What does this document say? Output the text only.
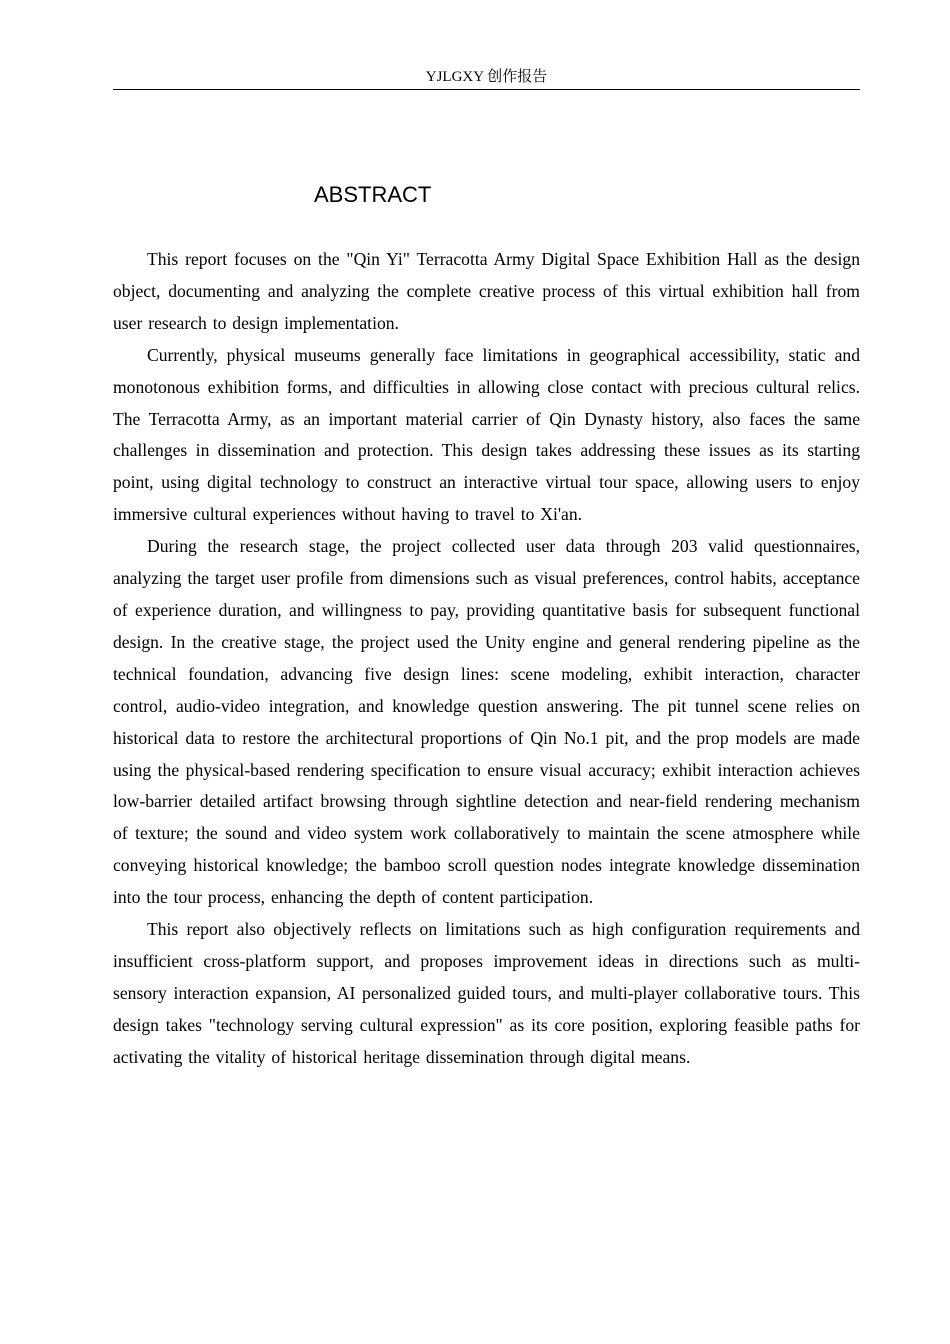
YJLGXY 创作报告
ABSTRACT

This report focuses on the "Qin Yi" Terracotta Army Digital Space Exhibition Hall as the design object, documenting and analyzing the complete creative process of this virtual exhibition hall from user research to design implementation.

Currently, physical museums generally face limitations in geographical accessibility, static and monotonous exhibition forms, and difficulties in allowing close contact with precious cultural relics. The Terracotta Army, as an important material carrier of Qin Dynasty history, also faces the same challenges in dissemination and protection. This design takes addressing these issues as its starting point, using digital technology to construct an interactive virtual tour space, allowing users to enjoy immersive cultural experiences without having to travel to Xi'an.

During the research stage, the project collected user data through 203 valid questionnaires, analyzing the target user profile from dimensions such as visual preferences, control habits, acceptance of experience duration, and willingness to pay, providing quantitative basis for subsequent functional design. In the creative stage, the project used the Unity engine and general rendering pipeline as the technical foundation, advancing five design lines: scene modeling, exhibit interaction, character control, audio-video integration, and knowledge question answering. The pit tunnel scene relies on historical data to restore the architectural proportions of Qin No.1 pit, and the prop models are made using the physical-based rendering specification to ensure visual accuracy; exhibit interaction achieves low-barrier detailed artifact browsing through sightline detection and near-field rendering mechanism of texture; the sound and video system work collaboratively to maintain the scene atmosphere while conveying historical knowledge; the bamboo scroll question nodes integrate knowledge dissemination into the tour process, enhancing the depth of content participation.

This report also objectively reflects on limitations such as high configuration requirements and insufficient cross-platform support, and proposes improvement ideas in directions such as multi-sensory interaction expansion, AI personalized guided tours, and multi-player collaborative tours. This design takes "technology serving cultural expression" as its core position, exploring feasible paths for activating the vitality of historical heritage dissemination through digital means.
